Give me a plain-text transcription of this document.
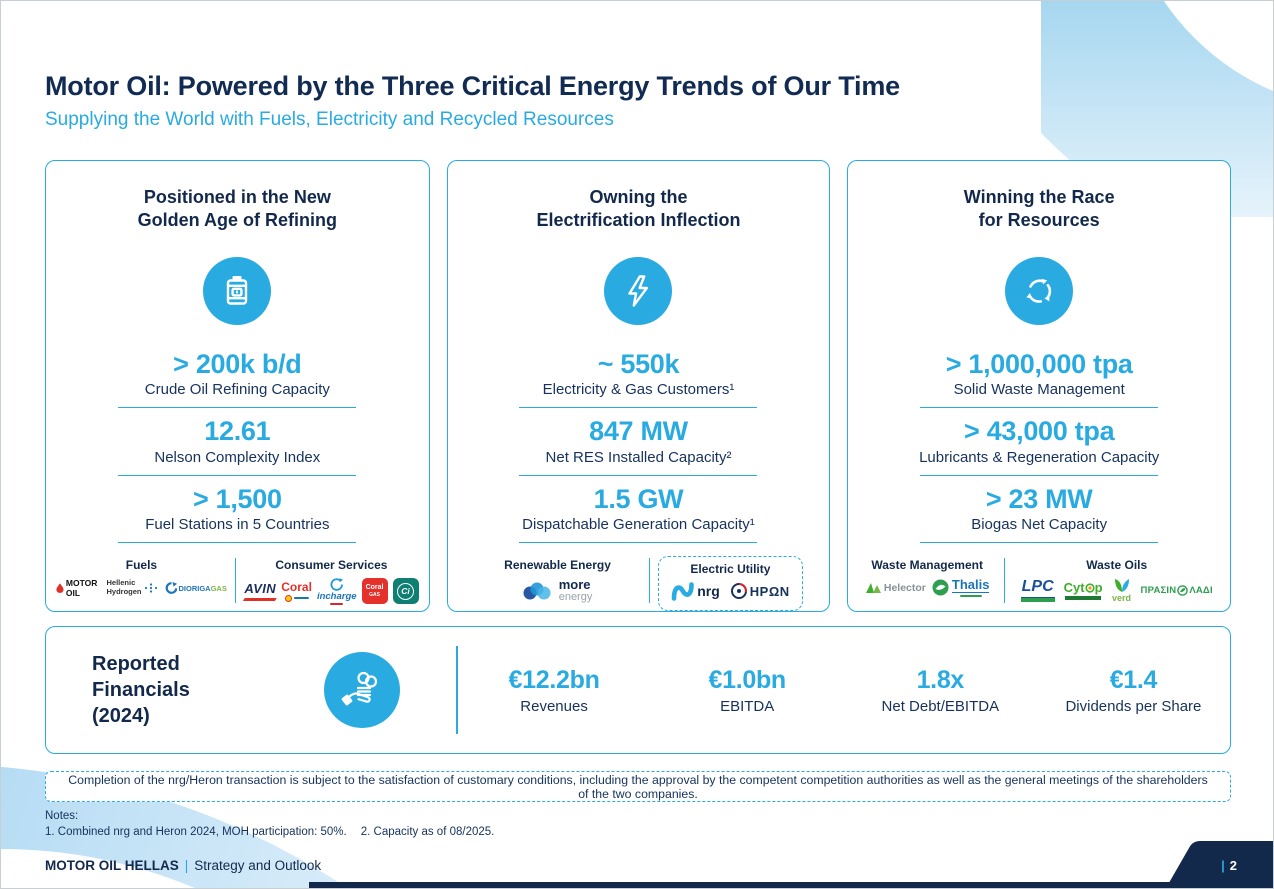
Motor Oil: Powered by the Three Critical Energy Trends of Our Time
Supplying the World with Fuels, Electricity and Recycled Resources
Positioned in the New
Golden Age of Refining
> 200k b/d
Crude Oil Refining Capacity
12.61
Nelson Complexity Index
> 1,500
Fuel Stations in 5 Countries
Fuels
MOTOR OIL
Hellenic
Hydrogen	DIORIGAGAS
Consumer Services
AVIN Coral
incharge
Coral
GAS	Ci
Owning the
Electrification Inflection
~ 550k
Electricity & Gas Customers¹
847 MW
Net RES Installed Capacity²
1.5 GW
Dispatchable Generation Capacity¹
Renewable Energy
more
energy
Electric Utility
nrg ΗΡΩΝ
Winning the Race
for Resources
> 1,000,000 tpa
Solid Waste Management
> 43,000 tpa
Lubricants & Regeneration Capacity
> 23 MW
Biogas Net Capacity
Waste Management
Helector Thalis
Waste Oils
LPC Cyt p
verd
ΠΡΑΣΙΝ ΛΑΔΙ
Reported Financials
(2024)
€12.2bn
Revenues
€1.0bn
EBITDA
1.8x
Net Debt/EBITDA
€1.4
Dividends per Share
Completion of the nrg/Heron transaction is subject to the satisfaction of customary conditions, including the approval by the competent competition authorities as well as the general meetings of the shareholders of the two companies.
Notes:
1. Combined nrg and Heron 2024, MOH participation: 50%. 2. Capacity as of 08/2025.
MOTOR OIL HELLAS | Strategy and Outlook	| 2
